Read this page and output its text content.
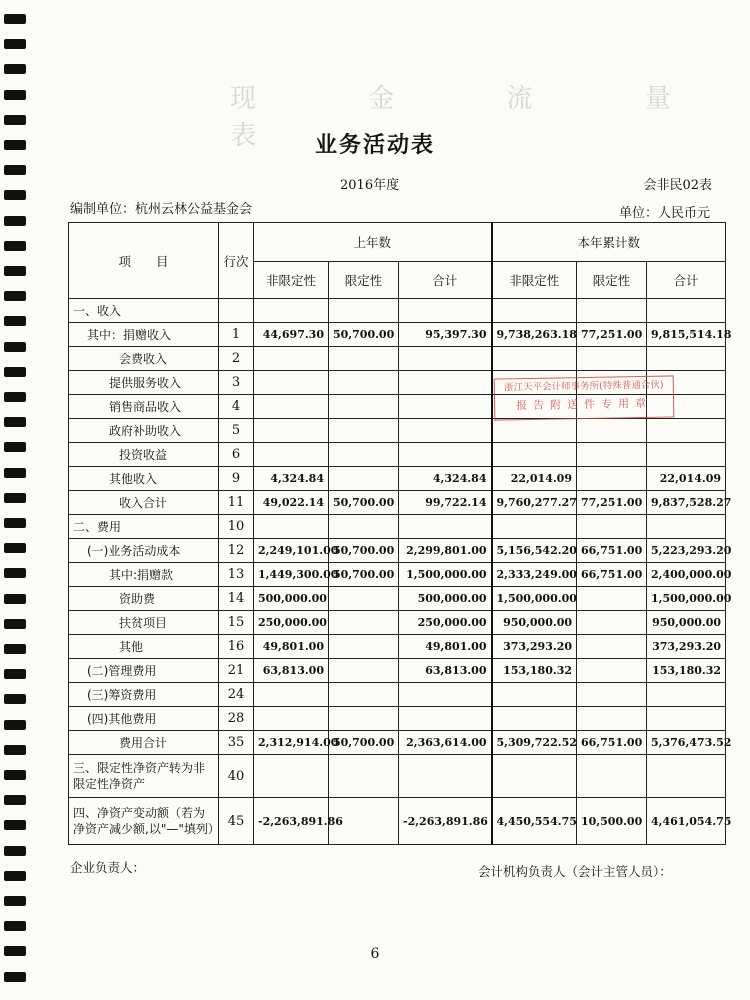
现 金 流 量 表 业务活动表
2016年度	会非民02表
编制单位：杭州云林公益基金会	单位：人民币元
项　　目	行次	上年数			本年累计数		
		非限定性	限定性	合计	非限定性	限定性	合计
一、收入							
其中：捐赠收入	1	44,697.30	50,700.00	95,397.30	9,738,263.18	77,251.00	9,815,514.18
会费收入	2						
提供服务收入	3						
销售商品收入	4						
政府补助收入	5						
投资收益	6						
其他收入	9	4,324.84		4,324.84	22,014.09		22,014.09
收入合计	11	49,022.14	50,700.00	99,722.14	9,760,277.27	77,251.00	9,837,528.27
二、费用	10						
(一)业务活动成本	12	2,249,101.00	50,700.00	2,299,801.00	5,156,542.20	66,751.00	5,223,293.20
其中:捐赠款	13	1,449,300.00	50,700.00	1,500,000.00	2,333,249.00	66,751.00	2,400,000.00
资助费	14	500,000.00		500,000.00	1,500,000.00		1,500,000.00
扶贫项目	15	250,000.00		250,000.00	950,000.00		950,000.00
其他	16	49,801.00		49,801.00	373,293.20		373,293.20
(二)管理费用	21	63,813.00		63,813.00	153,180.32		153,180.32
(三)筹资费用	24						
(四)其他费用	28						
费用合计	35	2,312,914.00	50,700.00	2,363,614.00	5,309,722.52	66,751.00	5,376,473.52
三、限定性净资产转为非限定性净资产	40						
四、净资产变动额（若为净资产减少额,以"—"填列）	45	-2,263,891.86		-2,263,891.86	4,450,554.75	10,500.00	4,461,054.75
浙江天平会计师事务所(特殊普通合伙)
报告附送件专用章
企业负责人：	会计机构负责人（会计主管人员）：
6
